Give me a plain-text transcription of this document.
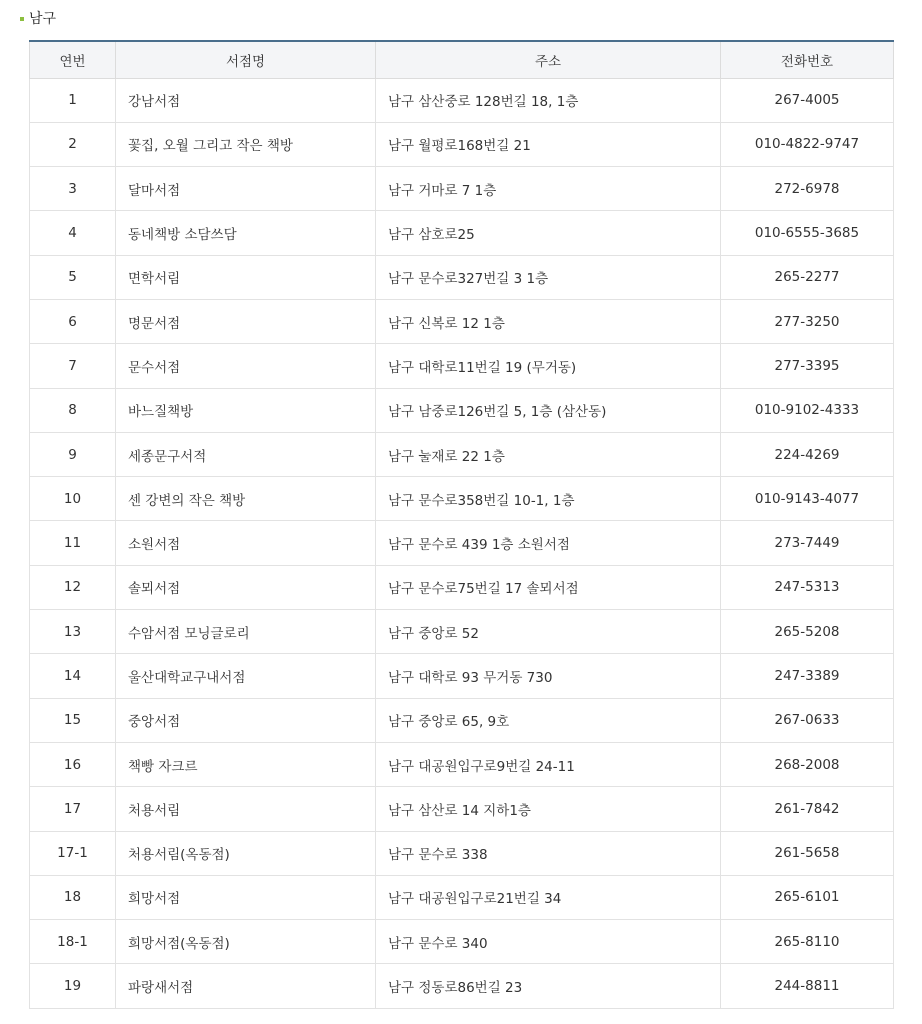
남구
연번	서점명	주소	전화번호
1	강남서점	남구 삼산중로 128번길 18, 1층	267-4005
2	꽃집, 오월 그리고 작은 책방	남구 월평로168번길 21	010-4822-9747
3	달마서점	남구 거마로 7 1층	272-6978
4	동네책방 소담쓰담	남구 삼호로25	010-6555-3685
5	면학서림	남구 문수로327번길 3 1층	265-2277
6	명문서점	남구 신복로 12 1층	277-3250
7	문수서점	남구 대학로11번길 19 (무거동)	277-3395
8	바느질책방	남구 남중로126번길 5, 1층 (삼산동)	010-9102-4333
9	세종문구서적	남구 눌재로 22 1층	224-4269
10	센 강변의 작은 책방	남구 문수로358번길 10-1, 1층	010-9143-4077
11	소원서점	남구 문수로 439 1층 소원서점	273-7449
12	솔뫼서점	남구 문수로75번길 17 솔뫼서점	247-5313
13	수암서점 모닝글로리	남구 중앙로 52	265-5208
14	울산대학교구내서점	남구 대학로 93 무거동 730	247-3389
15	중앙서점	남구 중앙로 65, 9호	267-0633
16	책빵 자크르	남구 대공원입구로9번길 24-11	268-2008
17	처용서림	남구 삼산로 14 지하1층	261-7842
17-1	처용서림(옥동점)	남구 문수로 338	261-5658
18	희망서점	남구 대공원입구로21번길 34	265-6101
18-1	희망서점(옥동점)	남구 문수로 340	265-8110
19	파랑새서점	남구 정동로86번길 23	244-8811
